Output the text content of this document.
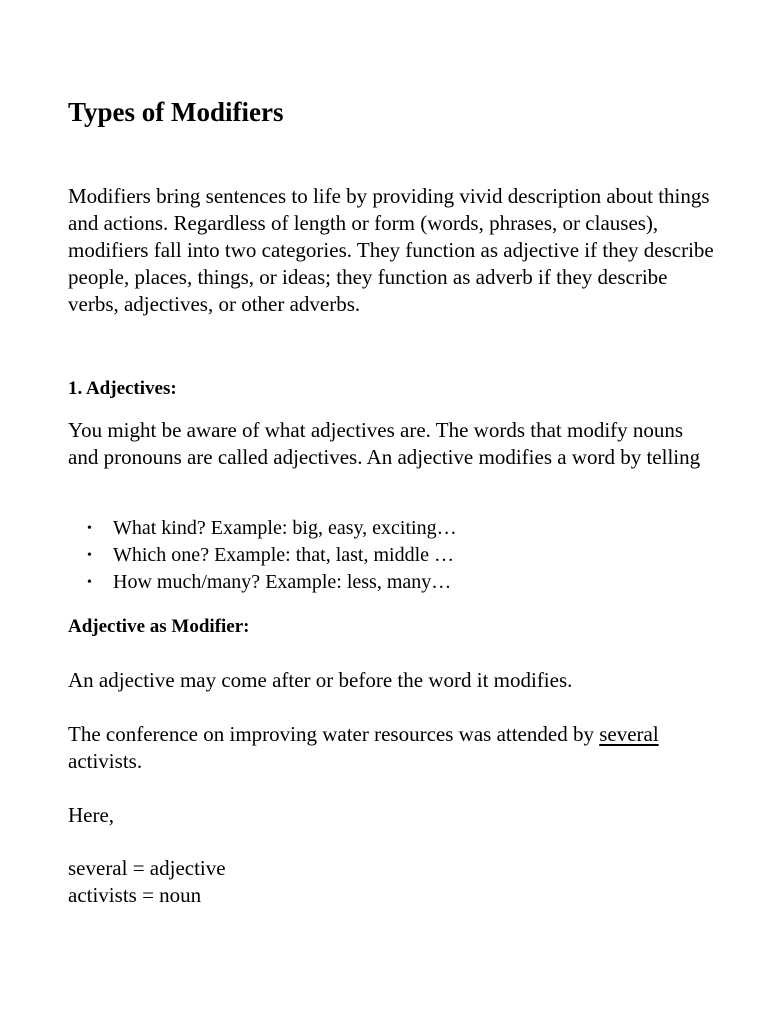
Types of Modifiers

Modifiers bring sentences to life by providing vivid description about things and actions. Regardless of length or form (words, phrases, or clauses), modifiers fall into two categories. They function as adjective if they describe people, places, things, or ideas; they function as adverb if they describe verbs, adjectives, or other adverbs.

1. Adjectives:

You might be aware of what adjectives are. The words that modify nouns and pronouns are called adjectives. An adjective modifies a word by telling

• What kind? Example: big, easy, exciting…
• Which one? Example: that, last, middle …
• How much/many? Example: less, many…
Adjective as Modifier:

An adjective may come after or before the word it modifies.

The conference on improving water resources was attended by several activists.

Here,

several = adjective
activists = noun
